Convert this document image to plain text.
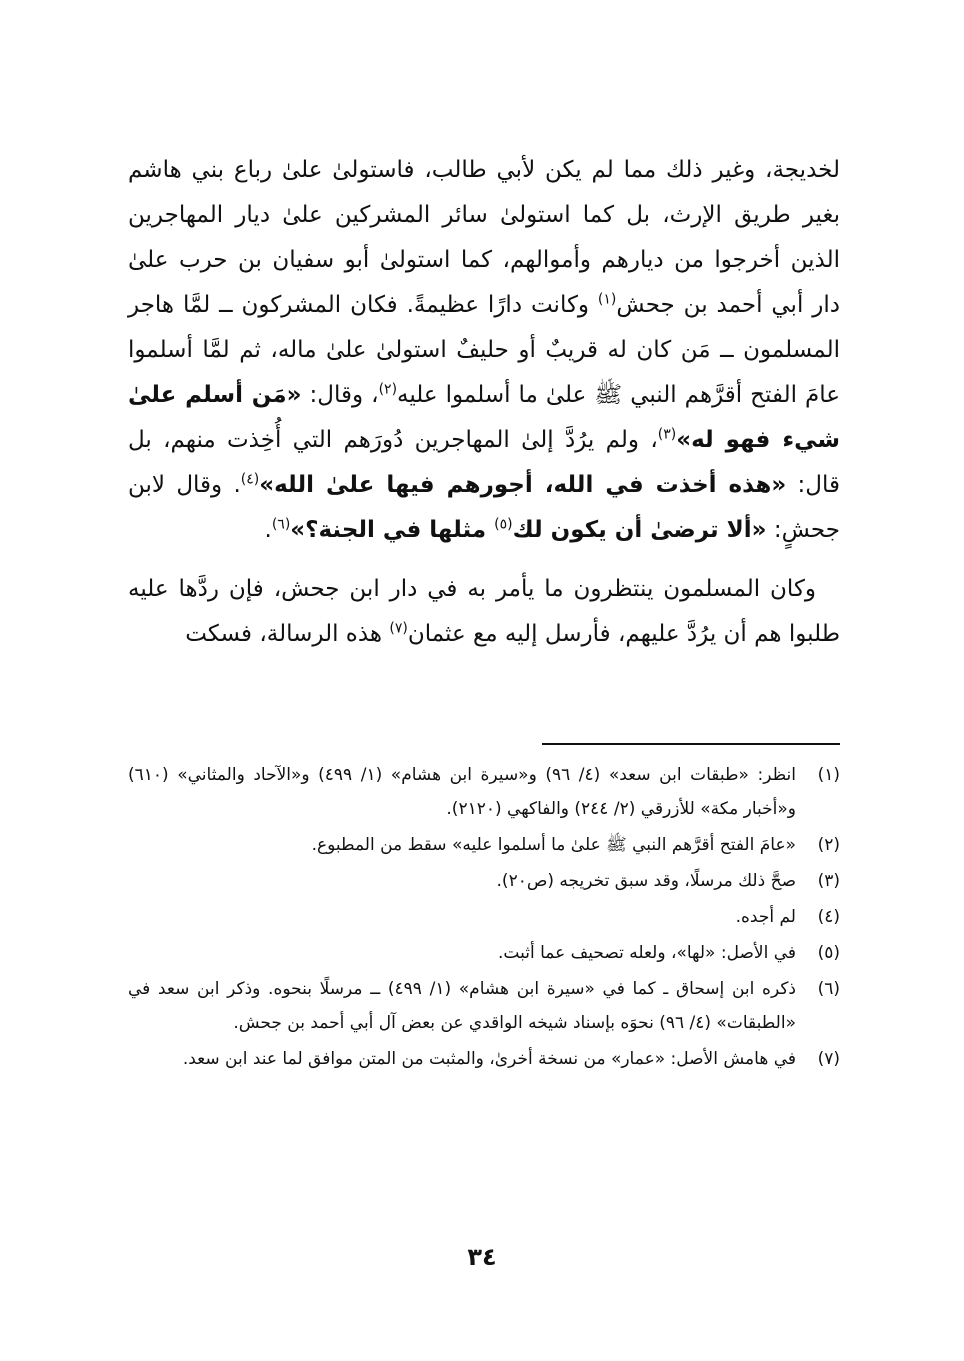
لخديجة، وغير ذلك مما لم يكن لأبي طالب، فاستولىٰ علىٰ رباع بني هاشم بغير طريق الإرث، بل كما استولىٰ سائر المشركين علىٰ ديار المهاجرين الذين أخرجوا من ديارهم وأموالهم، كما استولىٰ أبو سفيان بن حرب علىٰ دار أبي أحمد بن جحش$^{(١)}$ وكانت دارًا عظيمةً. فكان المشركون ــ لمَّا هاجر المسلمون ــ مَن كان له قريبٌ أو حليفٌ استولىٰ علىٰ ماله، ثم لمَّا أسلموا عامَ الفتح أقرَّهم النبي ﷺ علىٰ ما أسلموا عليه$^{(٢)}$، وقال: «مَن أسلم علىٰ شيء فهو له»$^{(٣)}$، ولم يرُدَّ إلىٰ المهاجرين دُورَهم التي أُخِذت منهم، بل قال: «هذه أخذت في الله، أجورهم فيها علىٰ الله»$^{(٤)}$. وقال لابن جحشٍ: «ألا ترضىٰ أن يكون لك$^{(٥)}$ مثلها في الجنة؟»$^{(٦)}$.

وكان المسلمون ينتظرون ما يأمر به في دار ابن جحش، فإن ردَّها عليه طلبوا هم أن يرُدَّ عليهم، فأرسل إليه مع عثمان$^{(٧)}$ هذه الرسالة، فسكت

(١)
انظر: «طبقات ابن سعد» (٤/ ٩٦) و«سيرة ابن هشام» (١/ ٤٩٩) و«الآحاد والمثاني» (٦١٠) و«أخبار مكة» للأزرقي (٢/ ٢٤٤) والفاكهي (٢١٢٠).
(٢)
«عامَ الفتح أقرَّهم النبي ﷺ علىٰ ما أسلموا عليه» سقط من المطبوع.
(٣)
صحَّ ذلك مرسلًا، وقد سبق تخريجه (ص٢٠).
(٤)
لم أجده.
(٥)
في الأصل: «لها»، ولعله تصحيف عما أثبت.
(٦)
ذكره ابن إسحاق ـ كما في «سيرة ابن هشام» (١/ ٤٩٩) ــ مرسلًا بنحوه. وذكر ابن سعد في «الطبقات» (٤/ ٩٦) نحوَه بإسناد شيخه الواقدي عن بعض آل أبي أحمد بن جحش.
(٧)
في هامش الأصل: «عمار» من نسخة أخرىٰ، والمثبت من المتن موافق لما عند ابن سعد.
٣٤
